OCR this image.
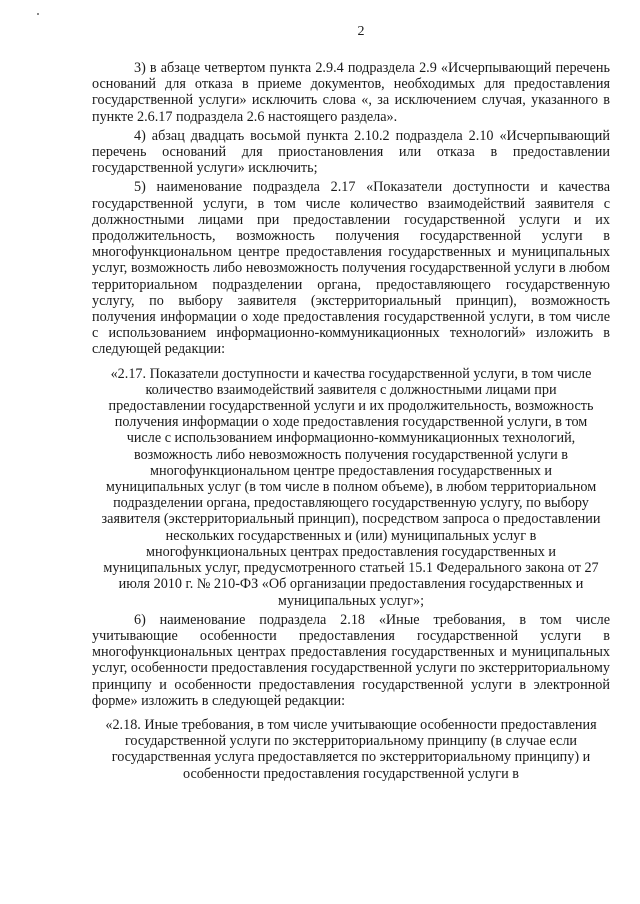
2

3) в абзаце четвертом пункта 2.9.4 подраздела 2.9 «Исчерпывающий перечень оснований для отказа в приеме документов, необходимых для предоставления государственной услуги» исключить слова «, за исключением случая, указанного в пункте 2.6.17 подраздела 2.6 настоящего раздела».

4) абзац двадцать восьмой пункта 2.10.2 подраздела 2.10 «Исчерпывающий перечень оснований для приостановления или отказа в предоставлении государственной услуги» исключить;

5) наименование подраздела 2.17 «Показатели доступности и качества государственной услуги, в том числе количество взаимодействий заявителя с должностными лицами при предоставлении государственной услуги и их продолжительность, возможность получения государственной услуги в многофункциональном центре предоставления государственных и муниципальных услуг, возможность либо невозможность получения государственной услуги в любом территориальном подразделении органа, предоставляющего государственную услугу, по выбору заявителя (экстерриториальный принцип), возможность получения информации о ходе предоставления государственной услуги, в том числе с использованием информационно-коммуникационных технологий» изложить в следующей редакции:

«2.17. Показатели доступности и качества государственной услуги, в том числе количество взаимодействий заявителя с должностными лицами при предоставлении государственной услуги и их продолжительность, возможность получения информации о ходе предоставления государственной услуги, в том числе с использованием информационно-коммуникационных технологий, возможность либо невозможность получения государственной услуги в многофункциональном центре предоставления государственных и муниципальных услуг (в том числе в полном объеме), в любом территориальном подразделении органа, предоставляющего государственную услугу, по выбору заявителя (экстерриториальный принцип), посредством запроса о предоставлении нескольких государственных и (или) муниципальных услуг в многофункциональных центрах предоставления государственных и муниципальных услуг, предусмотренного статьей 15.1 Федерального закона от 27 июля 2010 г. № 210-ФЗ «Об организации предоставления государственных и муниципальных услуг»;

6) наименование подраздела 2.18 «Иные требования, в том числе учитывающие особенности предоставления государственной услуги в многофункциональных центрах предоставления государственных и муниципальных услуг, особенности предоставления государственной услуги по экстерриториальному принципу и особенности предоставления государственной услуги в электронной форме» изложить в следующей редакции:

«2.18. Иные требования, в том числе учитывающие особенности предоставления государственной услуги по экстерриториальному принципу (в случае если государственная услуга предоставляется по экстерриториальному принципу) и особенности предоставления государственной услуги в
